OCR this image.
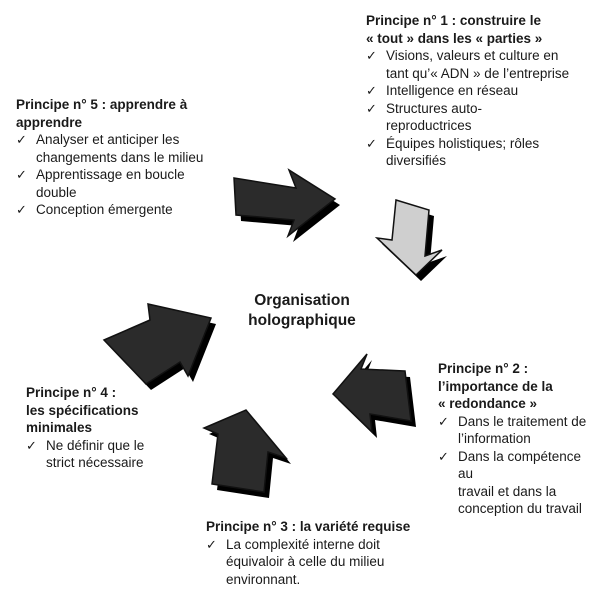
Organisation
holographique
Principe n° 1 : construire le
« tout » dans les « parties »
✓ Visions, valeurs et culture en
tant qu’« ADN » de l’entreprise
✓ Intelligence en réseau
✓ Structures auto-
reproductrices
✓ Équipes holistiques; rôles
diversifiés
Principe n° 5 : apprendre à
apprendre
✓ Analyser et anticiper les
changements dans le milieu
✓ Apprentissage en boucle
double
✓ Conception émergente
Principe n° 2 :
l’importance de la
« redondance »
✓ Dans le traitement de
l’information
✓ Dans la compétence au
travail et dans la
conception du travail
Principe n° 4 :
les spécifications
minimales
✓ Ne définir que le
strict nécessaire
Principe n° 3 : la variété requise
✓ La complexité interne doit
équivaloir à celle du milieu
environnant.
